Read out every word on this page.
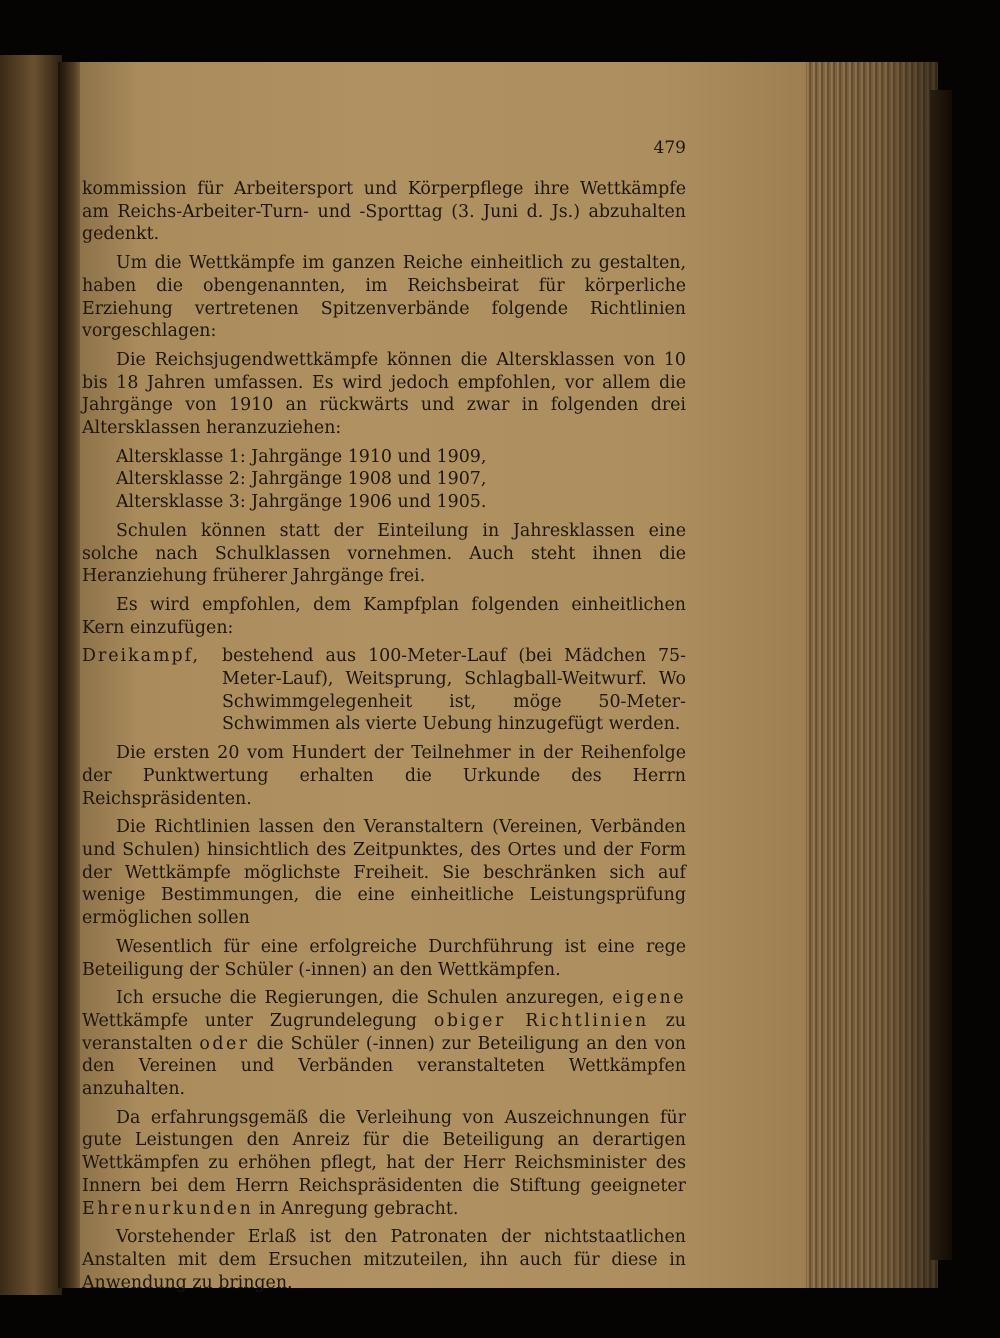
479

kommission für Arbeitersport und Körperpflege ihre Wettkämpfe am Reichs-Arbeiter-Turn- und -Sporttag (3. Juni d. Js.) abzuhalten gedenkt.

Um die Wettkämpfe im ganzen Reiche einheitlich zu gestalten, haben die obengenannten, im Reichsbeirat für körperliche Erziehung vertretenen Spitzenverbände folgende Richtlinien vorgeschlagen:

Die Reichsjugendwettkämpfe können die Altersklassen von 10 bis 18 Jahren umfassen. Es wird jedoch empfohlen, vor allem die Jahrgänge von 1910 an rückwärts und zwar in folgenden drei Altersklassen heranzuziehen:

Altersklasse 1: Jahrgänge 1910 und 1909,
Altersklasse 2: Jahrgänge 1908 und 1907,
Altersklasse 3: Jahrgänge 1906 und 1905.

Schulen können statt der Einteilung in Jahresklassen eine solche nach Schulklassen vornehmen. Auch steht ihnen die Heranziehung früherer Jahrgänge frei.

Es wird empfohlen, dem Kampfplan folgenden einheitlichen Kern einzufügen:

Dreikampf,	bestehend aus 100-Meter-Lauf (bei Mädchen 75-Meter-Lauf), Weitsprung, Schlagball-Weitwurf. Wo Schwimmgelegenheit ist, möge 50-Meter-Schwimmen als vierte Uebung hinzugefügt werden.

Die ersten 20 vom Hundert der Teilnehmer in der Reihenfolge der Punktwertung erhalten die Urkunde des Herrn Reichspräsidenten.

Die Richtlinien lassen den Veranstaltern (Vereinen, Verbänden und Schulen) hinsichtlich des Zeitpunktes, des Ortes und der Form der Wettkämpfe möglichste Freiheit. Sie beschränken sich auf wenige Bestimmungen, die eine einheitliche Leistungsprüfung ermöglichen sollen

Wesentlich für eine erfolgreiche Durchführung ist eine rege Beteiligung der Schüler (-innen) an den Wettkämpfen.

Ich ersuche die Regierungen, die Schulen anzuregen, eigene Wettkämpfe unter Zugrundelegung obiger Richtlinien zu veranstalten oder die Schüler (-innen) zur Beteiligung an den von den Vereinen und Verbänden veranstalteten Wettkämpfen anzuhalten.

Da erfahrungsgemäß die Verleihung von Auszeichnungen für gute Leistungen den Anreiz für die Beteiligung an derartigen Wettkämpfen zu erhöhen pflegt, hat der Herr Reichsminister des Innern bei dem Herrn Reichspräsidenten die Stiftung geeigneter Ehrenurkunden in Anregung gebracht.

Vorstehender Erlaß ist den Patronaten der nichtstaatlichen Anstalten mit dem Ersuchen mitzuteilen, ihn auch für diese in Anwendung zu bringen.
